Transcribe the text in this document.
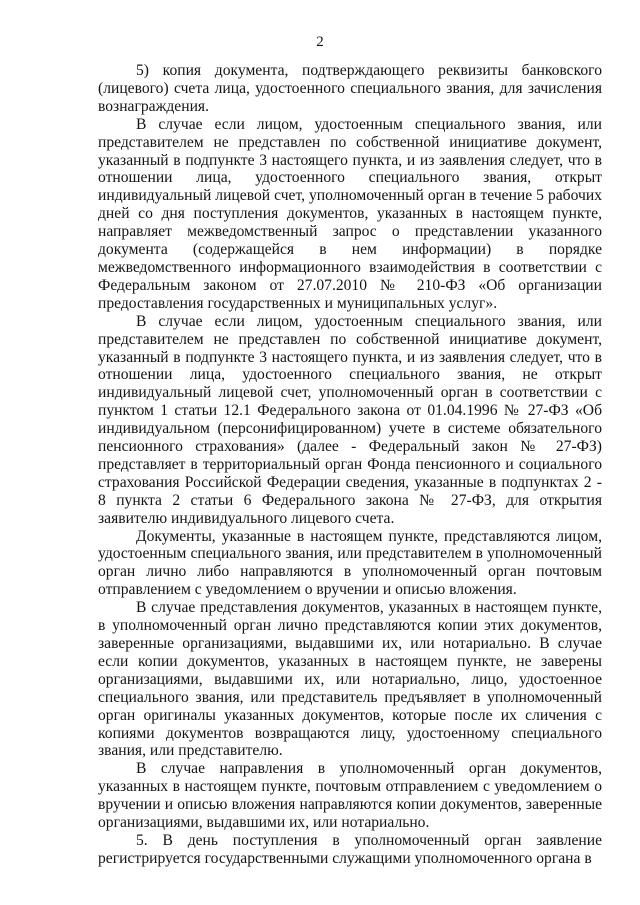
2

5) копия документа, подтверждающего реквизиты банковского (лицевого) счета лица, удостоенного специального звания, для зачисления вознаграждения.

В случае если лицом, удостоенным специального звания, или представителем не представлен по собственной инициативе документ, указанный в подпункте 3 настоящего пункта, и из заявления следует, что в отношении лица, удостоенного специального звания, открыт индивидуальный лицевой счет, уполномоченный орган в течение 5 рабочих дней со дня поступления документов, указанных в настоящем пункте, направляет межведомственный запрос о представлении указанного документа (содержащейся в нем информации) в порядке межведомственного информационного взаимодействия в соответствии с Федеральным законом от 27.07.2010 № 210-ФЗ «Об организации предоставления государственных и муниципальных услуг».

В случае если лицом, удостоенным специального звания, или представителем не представлен по собственной инициативе документ, указанный в подпункте 3 настоящего пункта, и из заявления следует, что в отношении лица, удостоенного специального звания, не открыт индивидуальный лицевой счет, уполномоченный орган в соответствии с пунктом 1 статьи 12.1 Федерального закона от 01.04.1996 № 27-ФЗ «Об индивидуальном (персонифицированном) учете в системе обязательного пенсионного страхования» (далее - Федеральный закон № 27-ФЗ) представляет в территориальный орган Фонда пенсионного и социального страхования Российской Федерации сведения, указанные в подпунктах 2 - 8 пункта 2 статьи 6 Федерального закона № 27-ФЗ, для открытия заявителю индивидуального лицевого счета.

Документы, указанные в настоящем пункте, представляются лицом, удостоенным специального звания, или представителем в уполномоченный орган лично либо направляются в уполномоченный орган почтовым отправлением с уведомлением о вручении и описью вложения.

В случае представления документов, указанных в настоящем пункте, в уполномоченный орган лично представляются копии этих документов, заверенные организациями, выдавшими их, или нотариально. В случае если копии документов, указанных в настоящем пункте, не заверены организациями, выдавшими их, или нотариально, лицо, удостоенное специального звания, или представитель предъявляет в уполномоченный орган оригиналы указанных документов, которые после их сличения с копиями документов возвращаются лицу, удостоенному специального звания, или представителю.

В случае направления в уполномоченный орган документов, указанных в настоящем пункте, почтовым отправлением с уведомлением о вручении и описью вложения направляются копии документов, заверенные организациями, выдавшими их, или нотариально.

5. В день поступления в уполномоченный орган заявление регистрируется государственными служащими уполномоченного органа в
